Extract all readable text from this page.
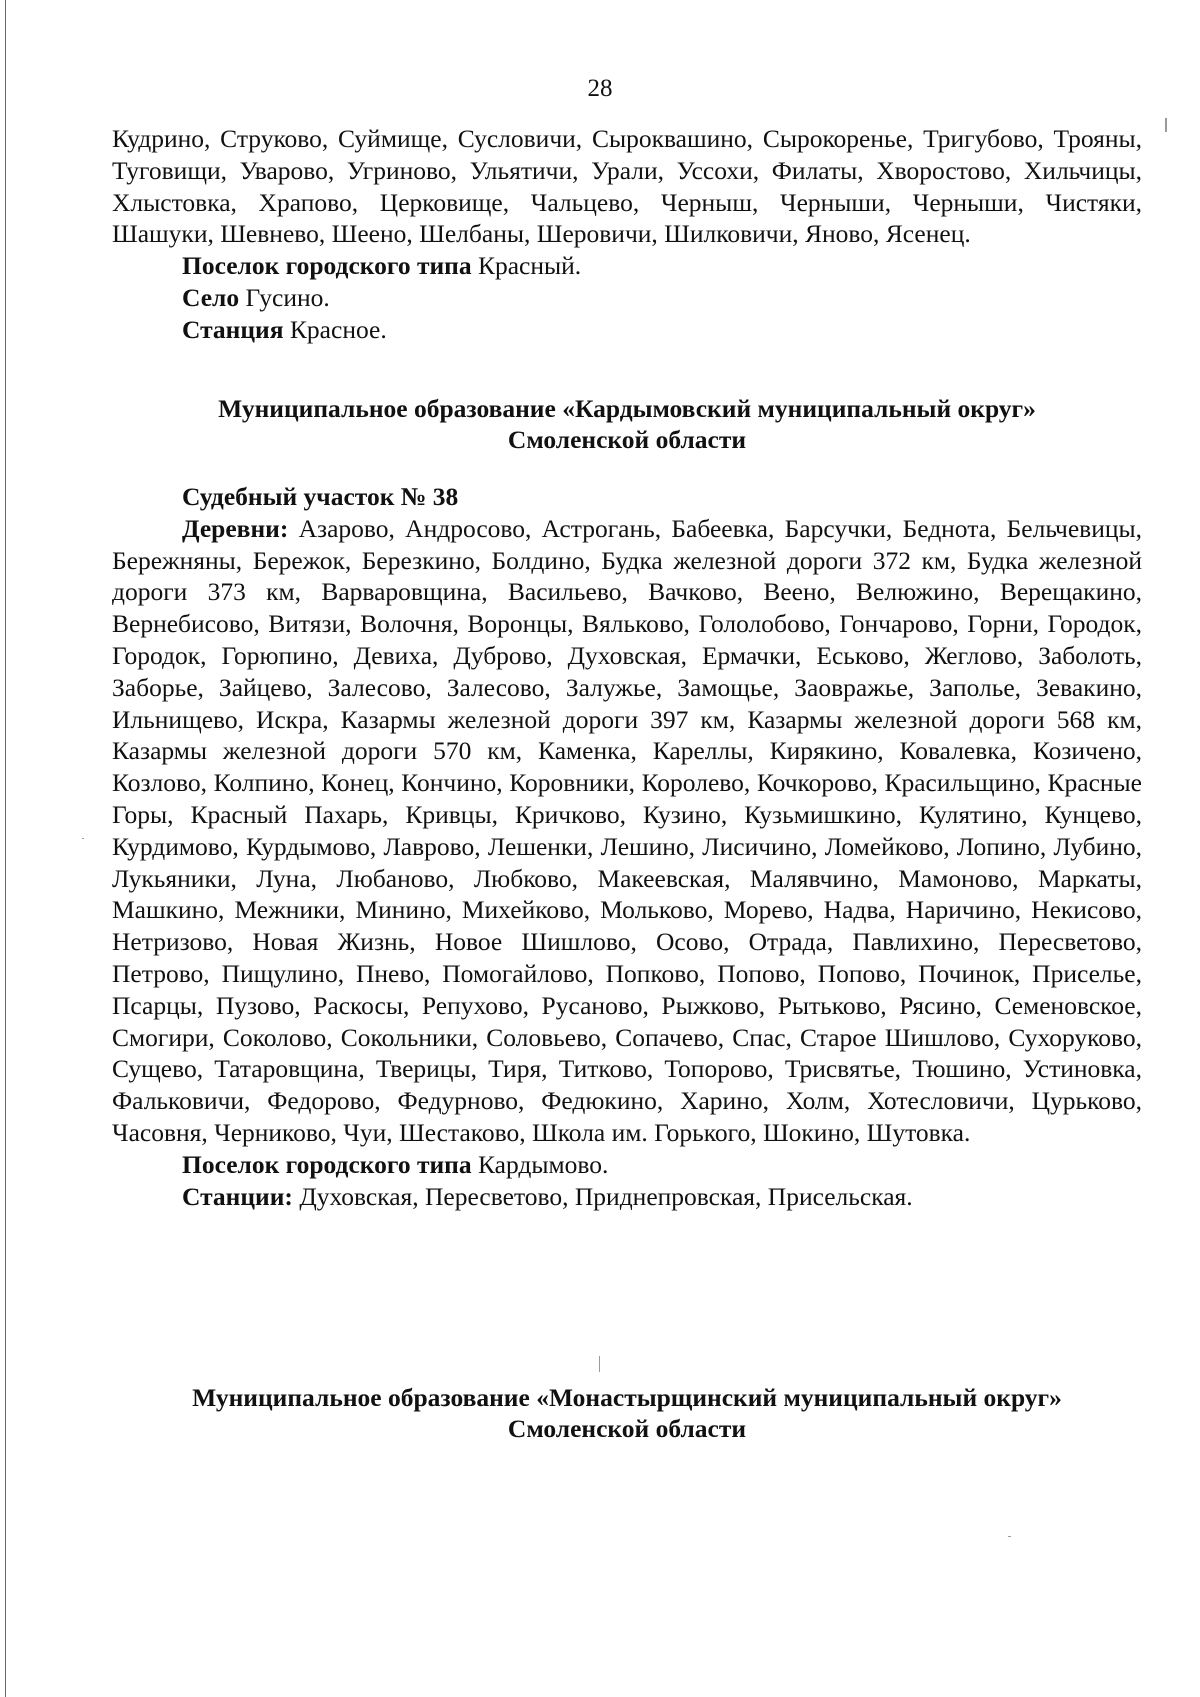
28

Кудрино, Струково, Суймище, Сусловичи, Сыроквашино, Сырокоренье, Тригубово, Трояны, Туговищи, Уварово, Угриново, Ульятичи, Урали, Уссохи, Филаты, Хворостово, Хильчицы, Хлыстовка, Храпово, Церковище, Чальцево, Черныш, Черныши, Черныши, Чистяки, Шашуки, Шевнево, Шеено, Шелбаны, Шеровичи, Шилковичи, Яново, Ясенец.

Поселок городского типа Красный.

Село Гусино.

Станция Красное.

Муниципальное образование «Кардымовский муниципальный округ»

Смоленской области

Судебный участок № 38

Деревни: Азарово, Андросово, Астрогань, Бабеевка, Барсучки, Беднота, Бельчевицы, Бережняны, Бережок, Березкино, Болдино, Будка железной дороги 372 км, Будка железной дороги 373 км, Варваровщина, Васильево, Вачково, Веено, Велюжино, Верещакино, Вернебисово, Витязи, Волочня, Воронцы, Вяльково, Гололобово, Гончарово, Горни, Городок, Городок, Горюпино, Девиха, Дуброво, Духовская, Ермачки, Еськово, Жеглово, Заболоть, Заборье, Зайцево, Залесово, Залесово, Залужье, Замощье, Заовражье, Заполье, Зевакино, Ильнищево, Искра, Казармы железной дороги 397 км, Казармы железной дороги 568 км, Казармы железной дороги 570 км, Каменка, Кареллы, Кирякино, Ковалевка, Козичено, Козлово, Колпино, Конец, Кончино, Коровники, Королево, Кочкорово, Красильщино, Красные Горы, Красный Пахарь, Кривцы, Кричково, Кузино, Кузьмишкино, Кулятино, Кунцево, Курдимово, Курдымово, Лаврово, Лешенки, Лешино, Лисичино, Ломейково, Лопино, Лубино, Лукьяники, Луна, Любаново, Любково, Макеевская, Малявчино, Мамоново, Маркаты, Машкино, Межники, Минино, Михейково, Мольково, Морево, Надва, Наричино, Некисово, Нетризово, Новая Жизнь, Новое Шишлово, Осово, Отрада, Павлихино, Пересветово, Петрово, Пищулино, Пнево, Помогайлово, Попково, Попово, Попово, Починок, Приселье, Псарцы, Пузово, Раскосы, Репухово, Русаново, Рыжково, Рытьково, Рясино, Семеновское, Смогири, Соколово, Сокольники, Соловьево, Сопачево, Спас, Старое Шишлово, Сухоруково, Сущево, Татаровщина, Тверицы, Тиря, Титково, Топорово, Трисвятье, Тюшино, Устиновка, Фальковичи, Федорово, Федурново, Федюкино, Харино, Холм, Хотесловичи, Цурьково, Часовня, Черниково, Чуи, Шестаково, Школа им. Горького, Шокино, Шутовка.

Поселок городского типа Кардымово.

Станции: Духовская, Пересветово, Приднепровская, Присельская.

Муниципальное образование «Монастырщинский муниципальный округ»

Смоленской области
